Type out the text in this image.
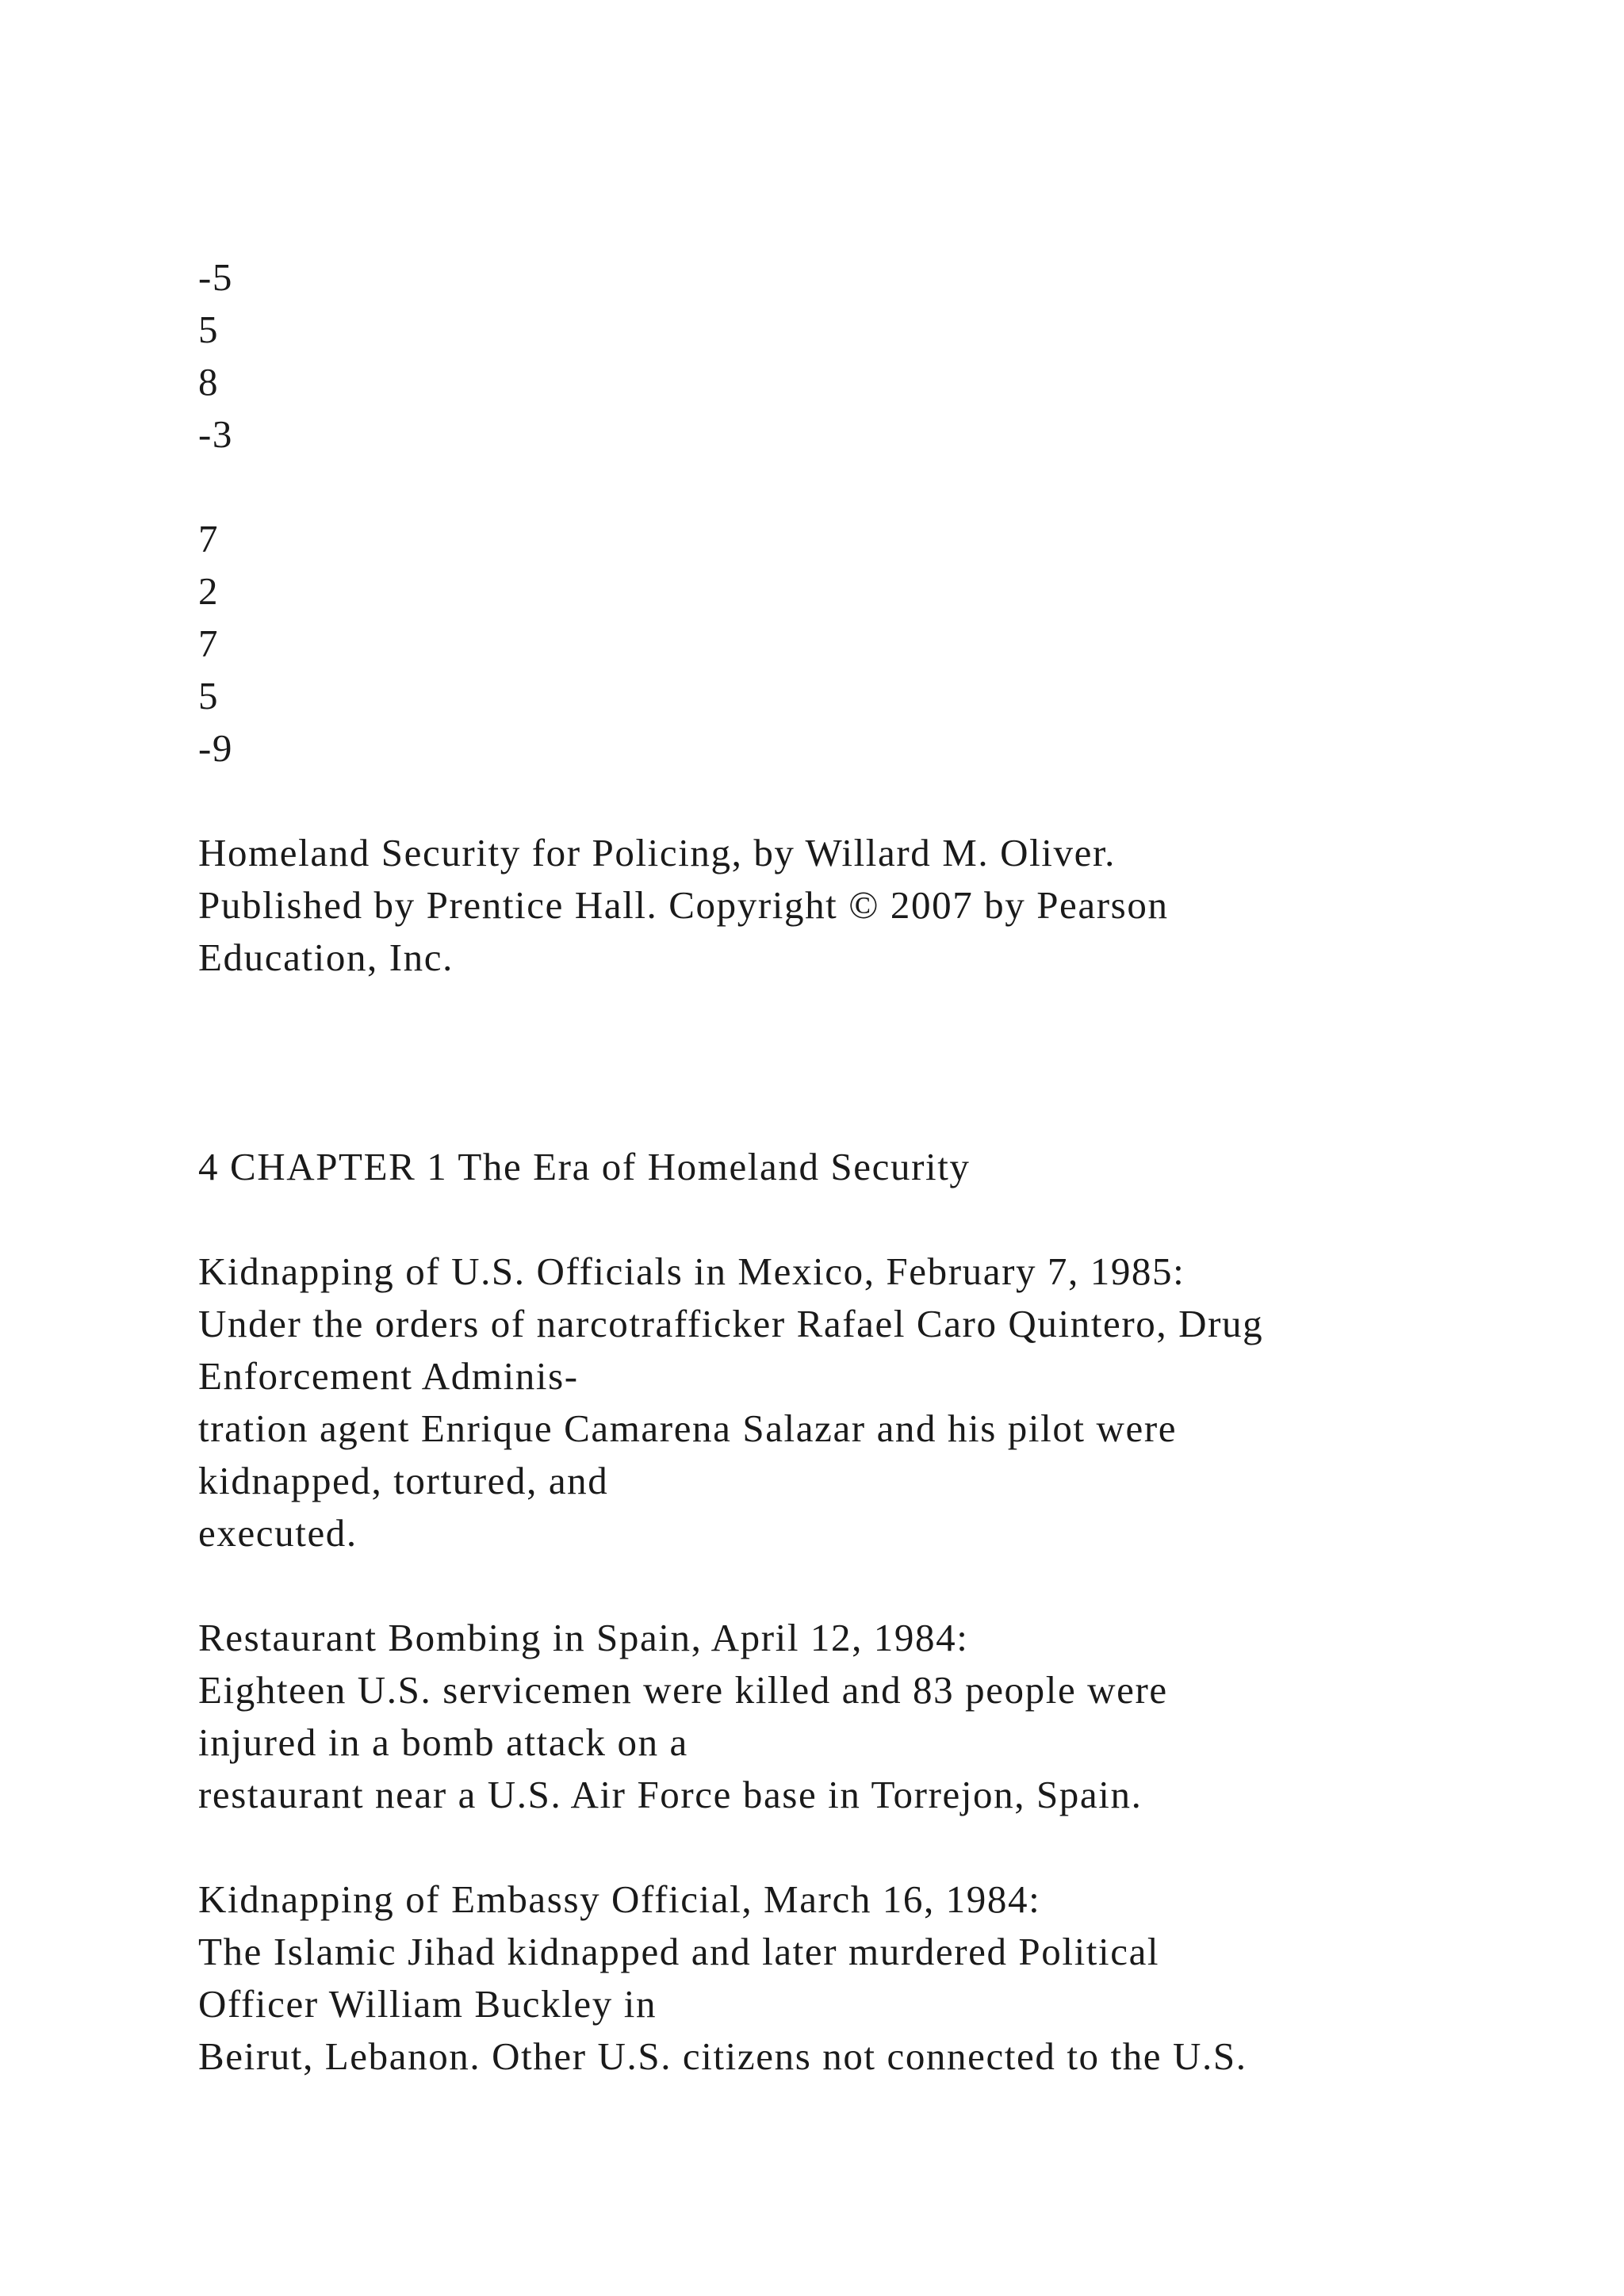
-5
5
8
-3
7
2
7
5
-9
Homeland Security for Policing, by Willard M. Oliver.
Published by Prentice Hall. Copyright © 2007 by Pearson
Education, Inc.
4 CHAPTER 1 The Era of Homeland Security
Kidnapping of U.S. Officials in Mexico, February 7, 1985:
Under the orders of narcotrafficker Rafael Caro Quintero, Drug
Enforcement Adminis-
tration agent Enrique Camarena Salazar and his pilot were
kidnapped, tortured, and
executed.
Restaurant Bombing in Spain, April 12, 1984:
Eighteen U.S. servicemen were killed and 83 people were
injured in a bomb attack on a
restaurant near a U.S. Air Force base in Torrejon, Spain.
Kidnapping of Embassy Official, March 16, 1984:
The Islamic Jihad kidnapped and later murdered Political
Officer William Buckley in
Beirut, Lebanon. Other U.S. citizens not connected to the U.S.
